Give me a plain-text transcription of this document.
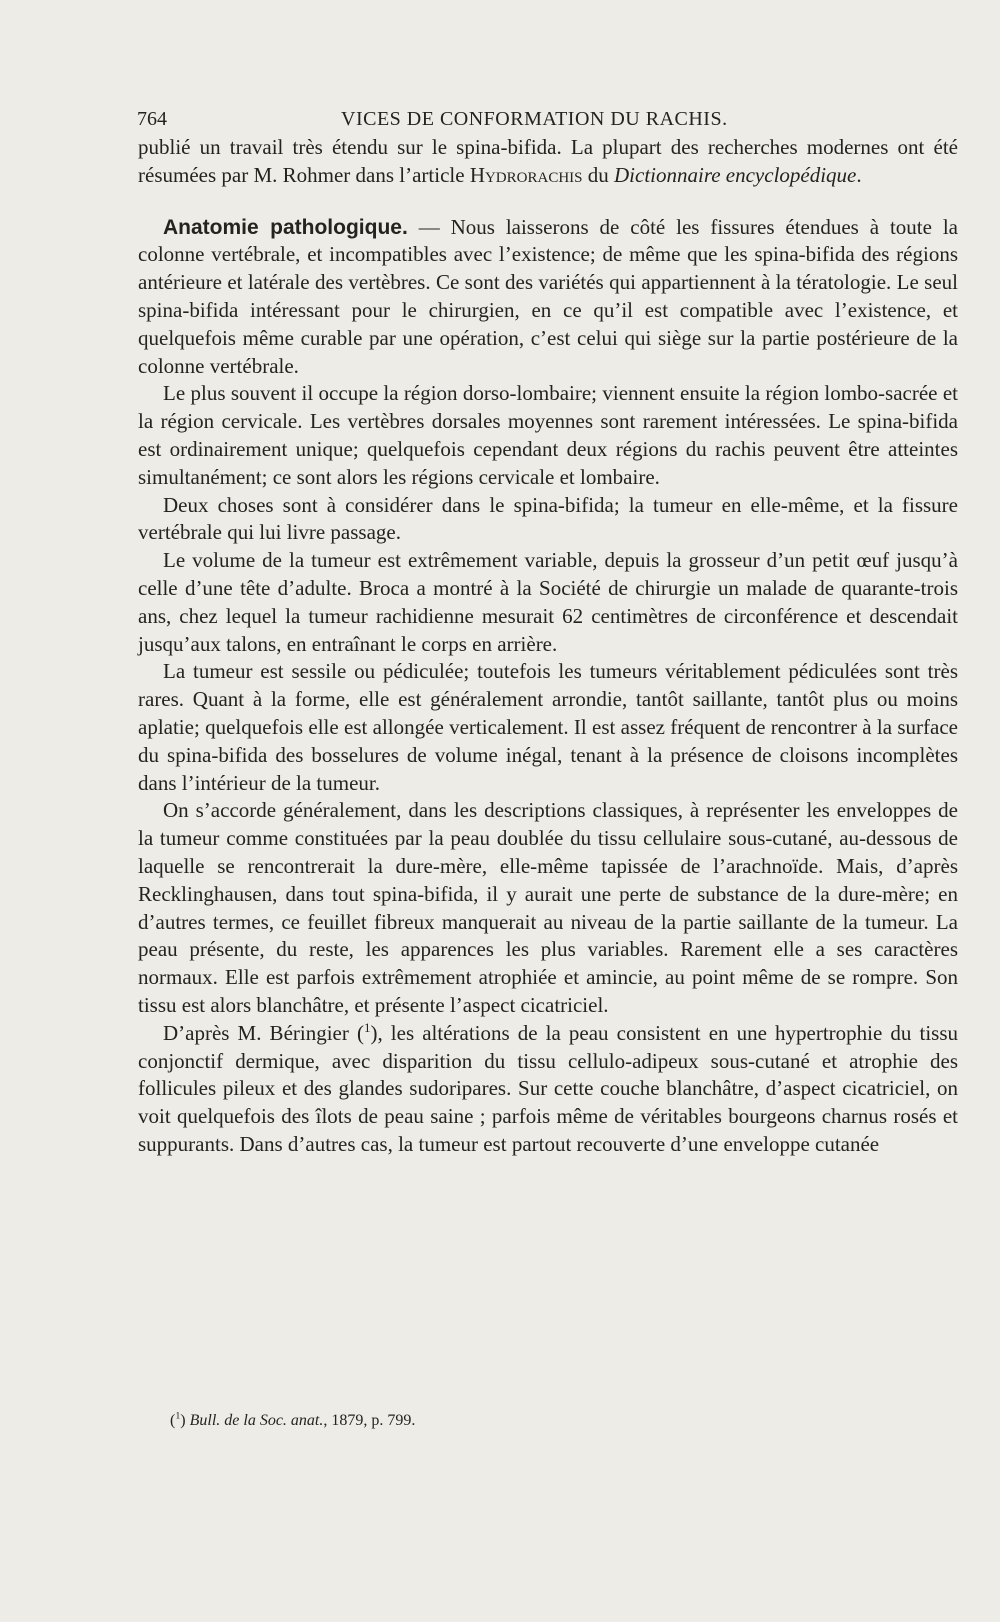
764	VICES DE CONFORMATION DU RACHIS.

publié un travail très étendu sur le spina-bifida. La plupart des recherches modernes ont été résumées par M. Rohmer dans l’article Hydrorachis du Dictionnaire encyclopédique.

Anatomie pathologique. — Nous laisserons de côté les fissures étendues à toute la colonne vertébrale, et incompatibles avec l’existence; de même que les spina-bifida des régions antérieure et latérale des vertèbres. Ce sont des variétés qui appartiennent à la tératologie. Le seul spina-bifida intéressant pour le chirurgien, en ce qu’il est compatible avec l’existence, et quelquefois même curable par une opération, c’est celui qui siège sur la partie postérieure de la colonne vertébrale.

Le plus souvent il occupe la région dorso-lombaire; viennent ensuite la région lombo-sacrée et la région cervicale. Les vertèbres dorsales moyennes sont rarement intéressées. Le spina-bifida est ordinairement unique; quelquefois cependant deux régions du rachis peuvent être atteintes simultanément; ce sont alors les régions cervicale et lombaire.

Deux choses sont à considérer dans le spina-bifida; la tumeur en elle-même, et la fissure vertébrale qui lui livre passage.

Le volume de la tumeur est extrêmement variable, depuis la grosseur d’un petit œuf jusqu’à celle d’une tête d’adulte. Broca a montré à la Société de chirurgie un malade de quarante-trois ans, chez lequel la tumeur rachidienne mesurait 62 centimètres de circonférence et descendait jusqu’aux talons, en entraînant le corps en arrière.

La tumeur est sessile ou pédiculée; toutefois les tumeurs véritablement pédiculées sont très rares. Quant à la forme, elle est généralement arrondie, tantôt saillante, tantôt plus ou moins aplatie; quelquefois elle est allongée verticalement. Il est assez fréquent de rencontrer à la surface du spina-bifida des bosselures de volume inégal, tenant à la présence de cloisons incomplètes dans l’intérieur de la tumeur.

On s’accorde généralement, dans les descriptions classiques, à représenter les enveloppes de la tumeur comme constituées par la peau doublée du tissu cellulaire sous-cutané, au-dessous de laquelle se rencontrerait la dure-mère, elle-même tapissée de l’arachnoïde. Mais, d’après Recklinghausen, dans tout spina-bifida, il y aurait une perte de substance de la dure-mère; en d’autres termes, ce feuillet fibreux manquerait au niveau de la partie saillante de la tumeur. La peau présente, du reste, les apparences les plus variables. Rarement elle a ses caractères normaux. Elle est parfois extrêmement atrophiée et amincie, au point même de se rompre. Son tissu est alors blanchâtre, et présente l’aspect cicatriciel.

D’après M. Béringier ($^1$), les altérations de la peau consistent en une hypertrophie du tissu conjonctif dermique, avec disparition du tissu cellulo-adipeux sous-cutané et atrophie des follicules pileux et des glandes sudoripares. Sur cette couche blanchâtre, d’aspect cicatriciel, on voit quelquefois des îlots de peau saine ; parfois même de véritables bourgeons charnus rosés et suppurants. Dans d’autres cas, la tumeur est partout recouverte d’une enveloppe cutanée

($^1$) Bull. de la Soc. anat., 1879, p. 799.
